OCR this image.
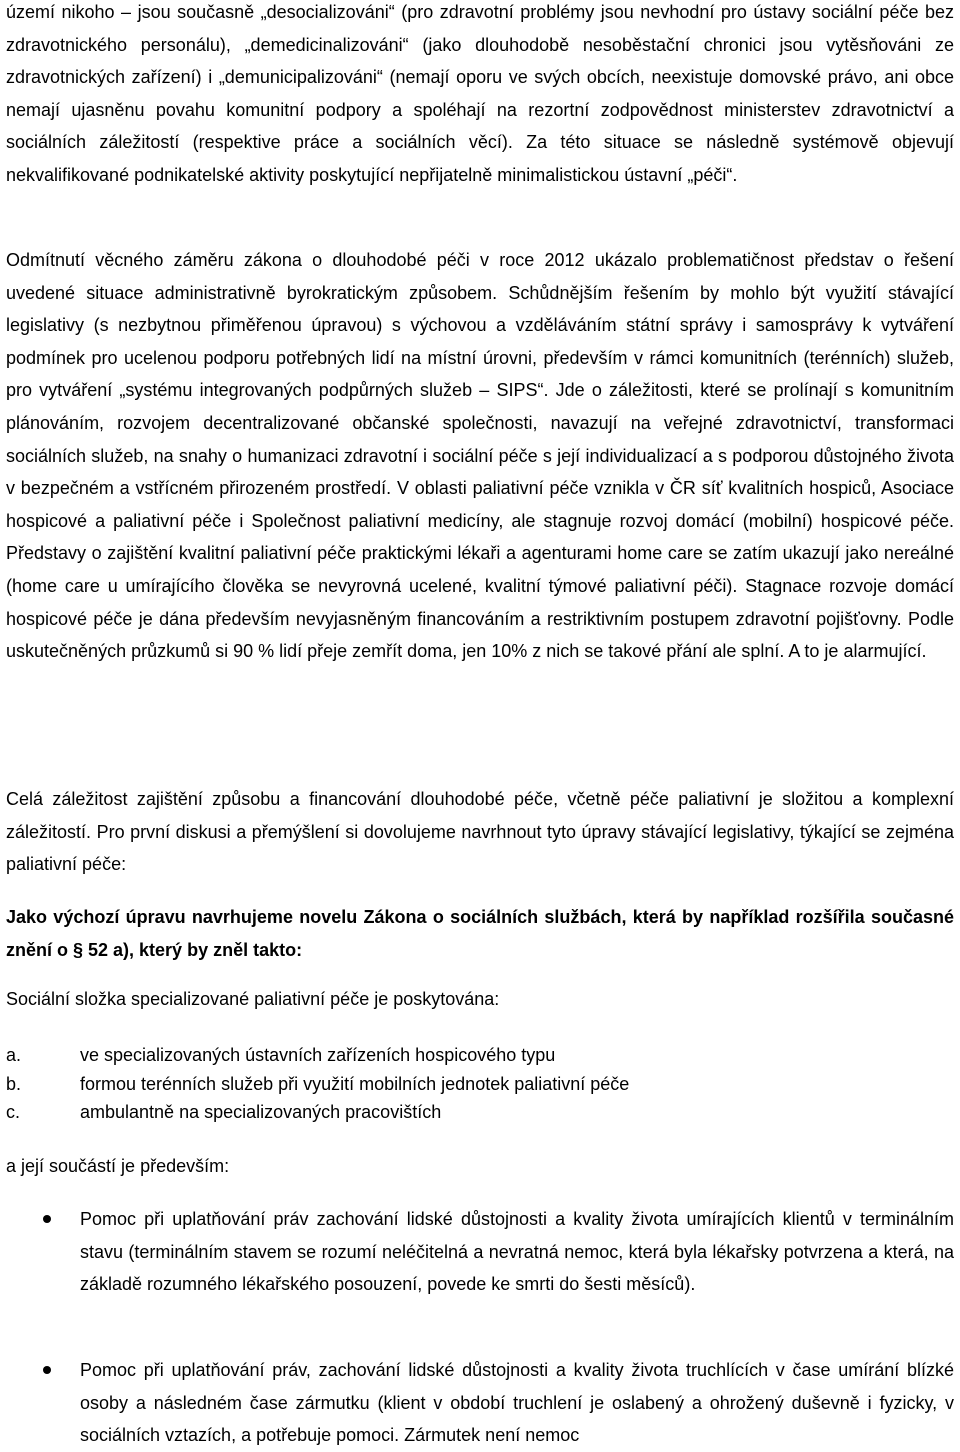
území nikoho – jsou současně „desocializováni“ (pro zdravotní problémy jsou nevhodní pro ústavy sociální péče bez zdravotnického personálu), „demedicinalizováni“ (jako dlouhodobě nesoběstační chronici jsou vytěsňováni ze zdravotnických zařízení) i „demunicipalizováni“ (nemají oporu ve svých obcích, neexistuje domovské právo, ani obce nemají ujasněnu povahu komunitní podpory a spoléhají na rezortní zodpovědnost ministerstev zdravotnictví a sociálních záležitostí (respektive práce a sociálních věcí). Za této situace se následně systémově objevují nekvalifikované podnikatelské aktivity poskytující nepřijatelně minimalistickou ústavní „péči“.

Odmítnutí věcného záměru zákona o dlouhodobé péči v roce 2012 ukázalo problematičnost představ o řešení uvedené situace administrativně byrokratickým způsobem. Schůdnějším řešením by mohlo být využití stávající legislativy (s nezbytnou přiměřenou úpravou) s výchovou a vzděláváním státní správy i samosprávy k vytváření podmínek pro ucelenou podporu potřebných lidí na místní úrovni, především v rámci komunitních (terénních) služeb, pro vytváření „systému integrovaných podpůrných služeb – SIPS“. Jde o záležitosti, které se prolínají s komunitním plánováním, rozvojem decentralizované občanské společnosti, navazují na veřejné zdravotnictví, transformaci sociálních služeb, na snahy o humanizaci zdravotní i sociální péče s její individualizací a s podporou důstojného života v bezpečném a vstřícném přirozeném prostředí. V oblasti paliativní péče vznikla v ČR síť kvalitních hospiců, Asociace hospicové a paliativní péče i Společnost paliativní medicíny, ale stagnuje rozvoj domácí (mobilní) hospicové péče. Představy o zajištění kvalitní paliativní péče praktickými lékaři a agenturami home care se zatím ukazují jako nereálné (home care u umírajícího člověka se nevyrovná ucelené, kvalitní týmové paliativní péči). Stagnace rozvoje domácí hospicové péče je dána především nevyjasněným financováním a restriktivním postupem zdravotní pojišťovny. Podle uskutečněných průzkumů si 90 % lidí přeje zemřít doma, jen 10% z nich se takové přání ale splní. A to je alarmující.

Celá záležitost zajištění způsobu a financování dlouhodobé péče, včetně péče paliativní je složitou a komplexní záležitostí. Pro první diskusi a přemýšlení si dovolujeme navrhnout tyto úpravy stávající legislativy, týkající se zejména paliativní péče:

Jako výchozí úpravu navrhujeme novelu Zákona o sociálních službách, která by například rozšířila současné znění o § 52 a), který by zněl takto:

Sociální složka specializované paliativní péče je poskytována:

a.	ve specializovaných ústavních zařízeních hospicového typu
b.	formou terénních služeb při využití mobilních jednotek paliativní péče
c.	ambulantně na specializovaných pracovištích

a její součástí je především:

Pomoc při uplatňování práv zachování lidské důstojnosti a kvality života umírajících klientů v terminálním stavu (terminálním stavem se rozumí neléčitelná a nevratná nemoc, která byla lékařsky potvrzena a která, na základě rozumného lékařského posouzení, povede ke smrti do šesti měsíců).
Pomoc při uplatňování práv, zachování lidské důstojnosti a kvality života truchlících v čase umírání blízké osoby a následném čase zármutku (klient v období truchlení je oslabený a ohrožený duševně i fyzicky, v sociálních vztazích, a potřebuje pomoci. Zármutek není nemoc
